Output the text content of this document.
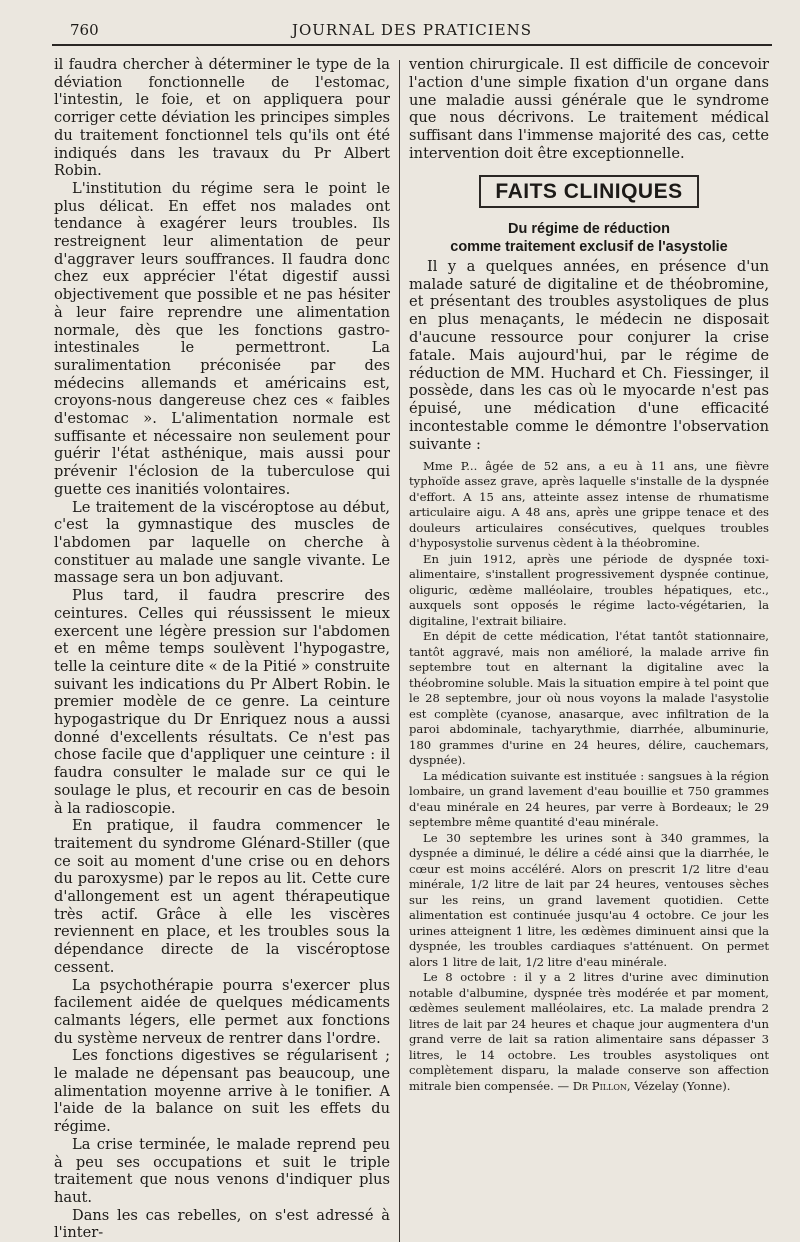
760	JOURNAL DES PRATICIENS

il faudra chercher à déterminer le type de la déviation fonctionnelle de l'estomac, l'intestin, le foie, et on appliquera pour corriger cette déviation les principes simples du traitement fonctionnel tels qu'ils ont été indiqués dans les travaux du Pr Albert Robin.

L'institution du régime sera le point le plus délicat. En effet nos malades ont tendance à exagérer leurs troubles. Ils restreignent leur alimentation de peur d'aggraver leurs souffrances. Il faudra donc chez eux apprécier l'état digestif aussi objectivement que possible et ne pas hésiter à leur faire reprendre une alimentation normale, dès que les fonctions gastro-intestinales le permettront. La suralimentation préconisée par des médecins allemands et américains est, croyons-nous dangereuse chez ces « faibles d'estomac ». L'alimentation normale est suffisante et nécessaire non seulement pour guérir l'état asthénique, mais aussi pour prévenir l'éclosion de la tuberculose qui guette ces inanitiés volontaires.

Le traitement de la viscéroptose au début, c'est la gymnastique des muscles de l'abdomen par laquelle on cherche à constituer au malade une sangle vivante. Le massage sera un bon adjuvant.

Plus tard, il faudra prescrire des ceintures. Celles qui réussissent le mieux exercent une légère pression sur l'abdomen et en même temps soulèvent l'hypogastre, telle la ceinture dite « de la Pitié » construite suivant les indications du Pr Albert Robin. le premier modèle de ce genre. La ceinture hypogastrique du Dr Enriquez nous a aussi donné d'excellents résultats. Ce n'est pas chose facile que d'appliquer une ceinture : il faudra consulter le malade sur ce qui le soulage le plus, et recourir en cas de besoin à la radioscopie.

En pratique, il faudra commencer le traitement du syndrome Glénard-Stiller (que ce soit au moment d'une crise ou en dehors du paroxysme) par le repos au lit. Cette cure d'allongement est un agent thérapeutique très actif. Grâce à elle les viscères reviennent en place, et les troubles sous la dépendance directe de la viscéroptose cessent.

La psychothérapie pourra s'exercer plus facilement aidée de quelques médicaments calmants légers, elle permet aux fonctions du système nerveux de rentrer dans l'ordre.

Les fonctions digestives se régularisent ; le malade ne dépensant pas beaucoup, une alimentation moyenne arrive à le tonifier. A l'aide de la balance on suit les effets du régime.

La crise terminée, le malade reprend peu à peu ses occupations et suit le triple traitement que nous venons d'indiquer plus haut.

Dans les cas rebelles, on s'est adressé à l'inter-

vention chirurgicale. Il est difficile de concevoir l'action d'une simple fixation d'un organe dans une maladie aussi générale que le syndrome que nous décrivons. Le traitement médical suffisant dans l'immense majorité des cas, cette intervention doit être exceptionnelle.

FAITS CLINIQUES
Du régime de réduction
comme traitement exclusif de l'asystolie

Il y a quelques années, en présence d'un malade saturé de digitaline et de théobromine, et présentant des troubles asystoliques de plus en plus menaçants, le médecin ne disposait d'aucune ressource pour conjurer la crise fatale. Mais aujourd'hui, par le régime de réduction de MM. Huchard et Ch. Fiessinger, il possède, dans les cas où le myocarde n'est pas épuisé, une médication d'une efficacité incontestable comme le démontre l'observation suivante :

Mme P... âgée de 52 ans, a eu à 11 ans, une fièvre typhoïde assez grave, après laquelle s'installe de la dyspnée d'effort. A 15 ans, atteinte assez intense de rhumatisme articulaire aigu. A 48 ans, après une grippe tenace et des douleurs articulaires consécutives, quelques troubles d'hyposystolie survenus cèdent à la théobromine.

En juin 1912, après une période de dyspnée toxi-alimentaire, s'installent progressivement dyspnée continue, oliguric, œdème malléolaire, troubles hépatiques, etc., auxquels sont opposés le régime lacto-végétarien, la digitaline, l'extrait biliaire.

En dépit de cette médication, l'état tantôt stationnaire, tantôt aggravé, mais non amélioré, la malade arrive fin septembre tout en alternant la digitaline avec la théobromine soluble. Mais la situation empire à tel point que le 28 septembre, jour où nous voyons la malade l'asystolie est complète (cyanose, anasarque, avec infiltration de la paroi abdominale, tachyarythmie, diarrhée, albuminurie, 180 grammes d'urine en 24 heures, délire, cauchemars, dyspnée).

La médication suivante est instituée : sangsues à la région lombaire, un grand lavement d'eau bouillie et 750 grammes d'eau minérale en 24 heures, par verre à Bordeaux; le 29 septembre même quantité d'eau minérale.

Le 30 septembre les urines sont à 340 grammes, la dyspnée a diminué, le délire a cédé ainsi que la diarrhée, le cœur est moins accéléré. Alors on prescrit 1/2 litre d'eau minérale, 1/2 litre de lait par 24 heures, ventouses sèches sur les reins, un grand lavement quotidien. Cette alimentation est continuée jusqu'au 4 octobre. Ce jour les urines atteignent 1 litre, les œdèmes diminuent ainsi que la dyspnée, les troubles cardiaques s'atténuent. On permet alors 1 litre de lait, 1/2 litre d'eau minérale.

Le 8 octobre : il y a 2 litres d'urine avec diminution notable d'albumine, dyspnée très modérée et par moment, œdèmes seulement malléolaires, etc. La malade prendra 2 litres de lait par 24 heures et chaque jour augmentera d'un grand verre de lait sa ration alimentaire sans dépasser 3 litres, le 14 octobre. Les troubles asystoliques ont complètement disparu, la malade conserve son affection mitrale bien compensée. — Dr Pillon, Vézelay (Yonne).
